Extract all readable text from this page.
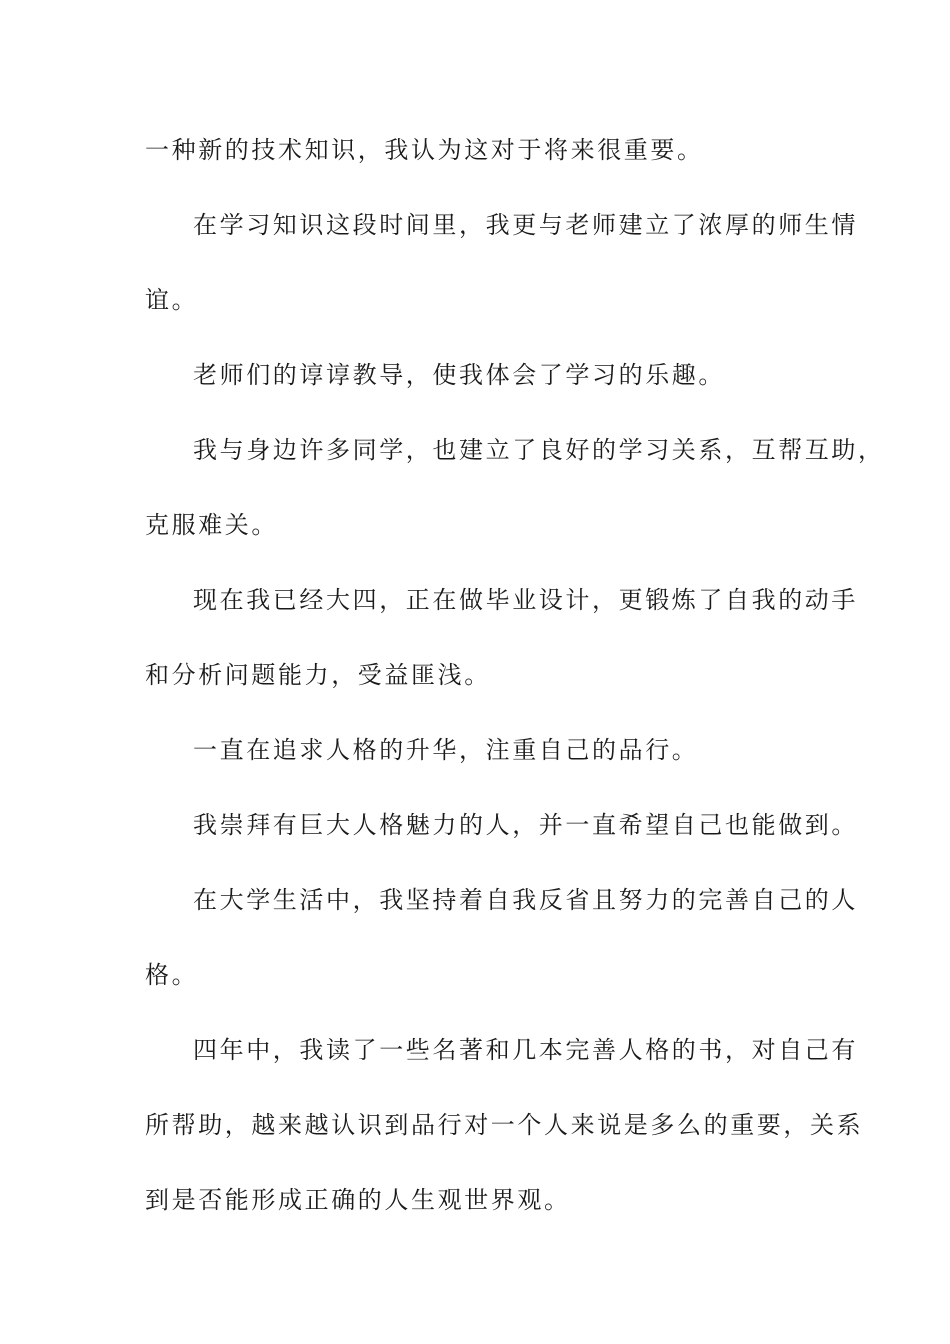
一种新的技术知识，我认为这对于将来很重要。
在学习知识这段时间里，我更与老师建立了浓厚的师生情
谊。
老师们的谆谆教导，使我体会了学习的乐趣。
我与身边许多同学，也建立了良好的学习关系，互帮互助，
克服难关。
现在我已经大四，正在做毕业设计，更锻炼了自我的动手
和分析问题能力，受益匪浅。
一直在追求人格的升华，注重自己的品行。
我崇拜有巨大人格魅力的人，并一直希望自己也能做到。
在大学生活中，我坚持着自我反省且努力的完善自己的人
格。
四年中，我读了一些名著和几本完善人格的书，对自己有
所帮助，越来越认识到品行对一个人来说是多么的重要，关系
到是否能形成正确的人生观世界观。
